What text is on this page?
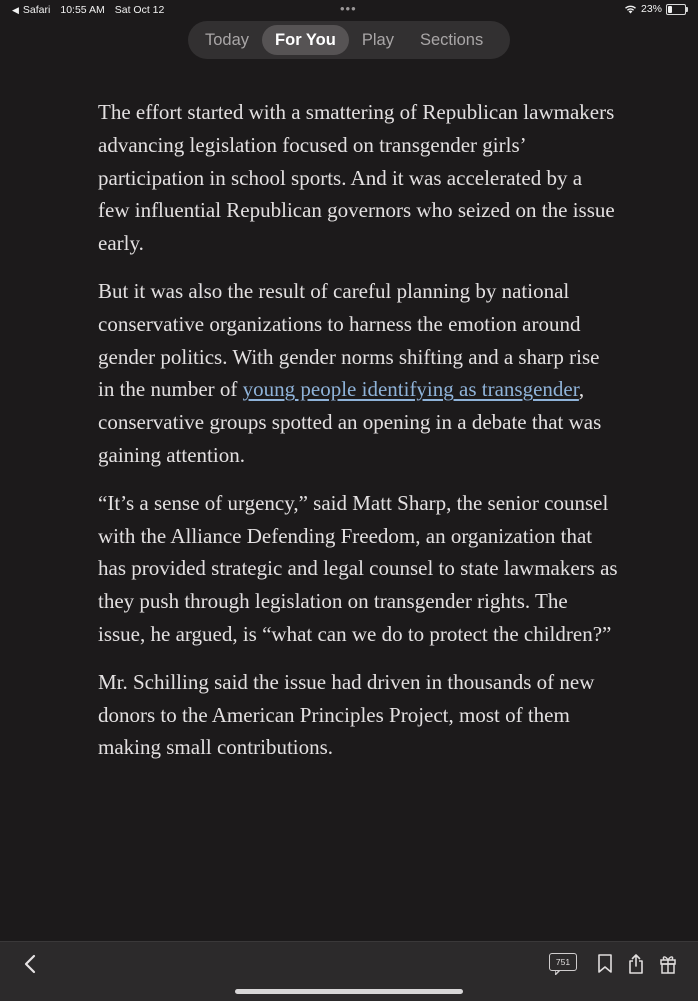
◀ Safari 10:55 AM Sat Oct 12	•••	23%
Today	For You	Play	Sections

The effort started with a smattering of Republican lawmakers advancing legislation focused on transgender girls’ participation in school sports. And it was accelerated by a few influential Republican governors who seized on the issue early.

But it was also the result of careful planning by national conservative organizations to harness the emotion around gender politics. With gender norms shifting and a sharp rise in the number of young people identifying as transgender, conservative groups spotted an opening in a debate that was gaining attention.

“It’s a sense of urgency,” said Matt Sharp, the senior counsel with the Alliance Defending Freedom, an organization that has provided strategic and legal counsel to state lawmakers as they push through legislation on transgender rights. The issue, he argued, is “what can we do to protect the children?”

Mr. Schilling said the issue had driven in thousands of new donors to the American Principles Project, most of them making small contributions.

751
